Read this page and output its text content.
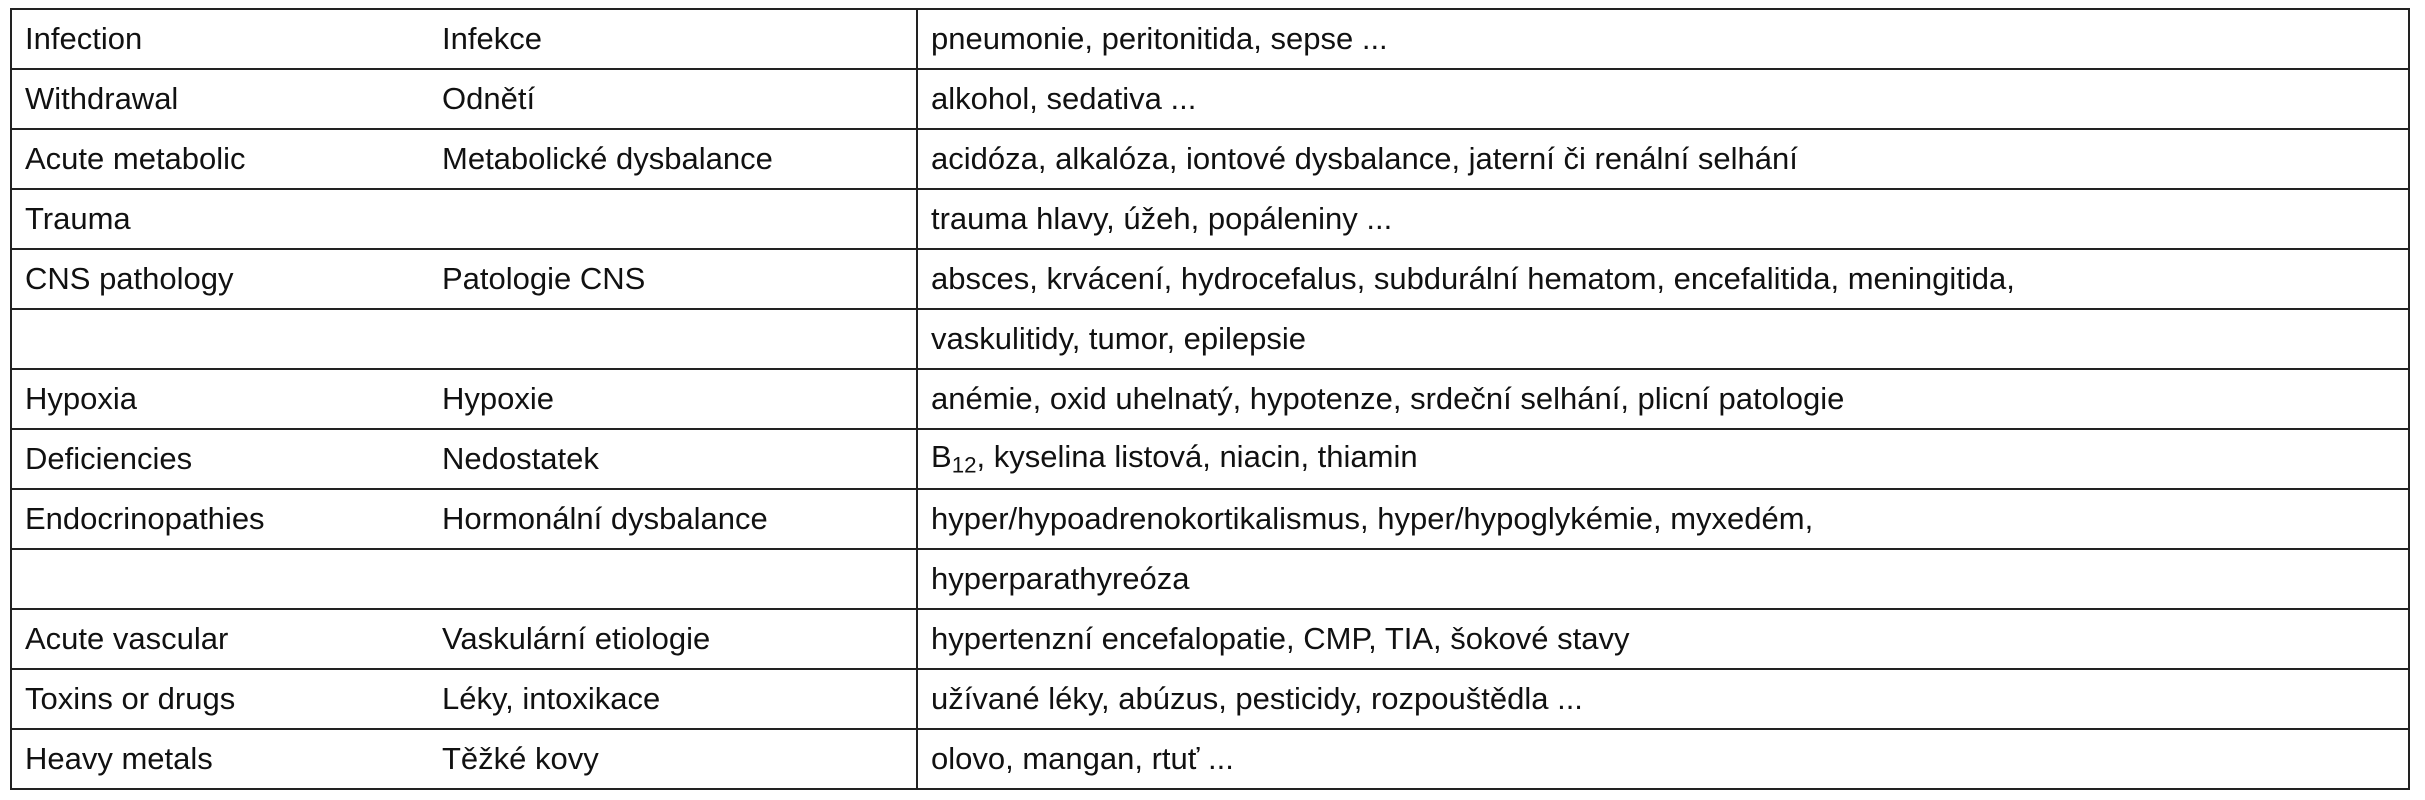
Infection	Infekce	pneumonie, peritonitida, sepse ...
Withdrawal	Odnětí	alkohol, sedativa ...
Acute metabolic	Metabolické dysbalance	acidóza, alkalóza, iontové dysbalance, jaterní či renální selhání
Trauma		trauma hlavy, úžeh, popáleniny ...
CNS pathology	Patologie CNS	absces, krvácení, hydrocefalus, subdurální hematom, encefalitida, meningitida,
		vaskulitidy, tumor, epilepsie
Hypoxia	Hypoxie	anémie, oxid uhelnatý, hypotenze, srdeční selhání, plicní patologie
Deficiencies	Nedostatek	$B_{12}$, kyselina listová, niacin, thiamin
Endocrinopathies	Hormonální dysbalance	hyper/hypoadrenokortikalismus, hyper/hypoglykémie, myxedém,
		hyperparathyreóza
Acute vascular	Vaskulární etiologie	hypertenzní encefalopatie, CMP, TIA, šokové stavy
Toxins or drugs	Léky, intoxikace	užívané léky, abúzus, pesticidy, rozpouštědla ...
Heavy metals	Těžké kovy	olovo, mangan, rtuť ...
